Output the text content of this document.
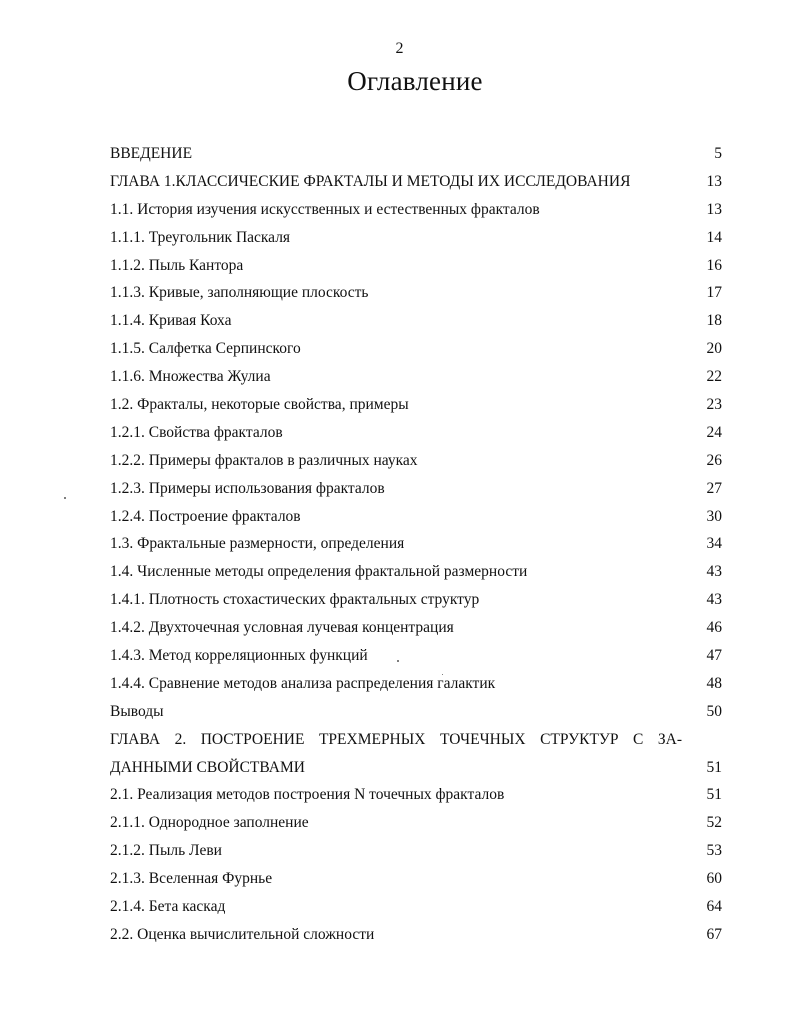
2
Оглавление
ВВЕДЕНИЕ	5
ГЛАВА 1.КЛАССИЧЕСКИЕ ФРАКТАЛЫ И МЕТОДЫ ИХ ИССЛЕДОВАНИЯ	13
1.1. История изучения искусственных и естественных фракталов	13
1.1.1. Треугольник Паскаля	14
1.1.2. Пыль Кантора	16
1.1.3. Кривые, заполняющие плоскость	17
1.1.4. Кривая Коха	18
1.1.5. Салфетка Серпинского	20
1.1.6. Множества Жулиа	22
1.2. Фракталы, некоторые свойства, примеры	23
1.2.1. Свойства фракталов	24
1.2.2. Примеры фракталов в различных науках	26
1.2.3. Примеры использования фракталов	27
1.2.4. Построение фракталов	30
1.3. Фрактальные размерности, определения	34
1.4. Численные методы определения фрактальной размерности	43
1.4.1. Плотность стохастических фрактальных структур	43
1.4.2. Двухточечная условная лучевая концентрация	46
1.4.3. Метод корреляционных функций	47
1.4.4. Сравнение методов анализа распределения галактик	48
Выводы	50
ГЛАВА 2. ПОСТРОЕНИЕ ТРЕХМЕРНЫХ ТОЧЕЧНЫХ СТРУКТУР С ЗА-
ДАННЫМИ СВОЙСТВАМИ	51
2.1. Реализация методов построения N точечных фракталов	51
2.1.1. Однородное заполнение	52
2.1.2. Пыль Леви	53
2.1.3. Вселенная Фурнье	60
2.1.4. Бета каскад	64
2.2. Оценка вычислительной сложности	67
